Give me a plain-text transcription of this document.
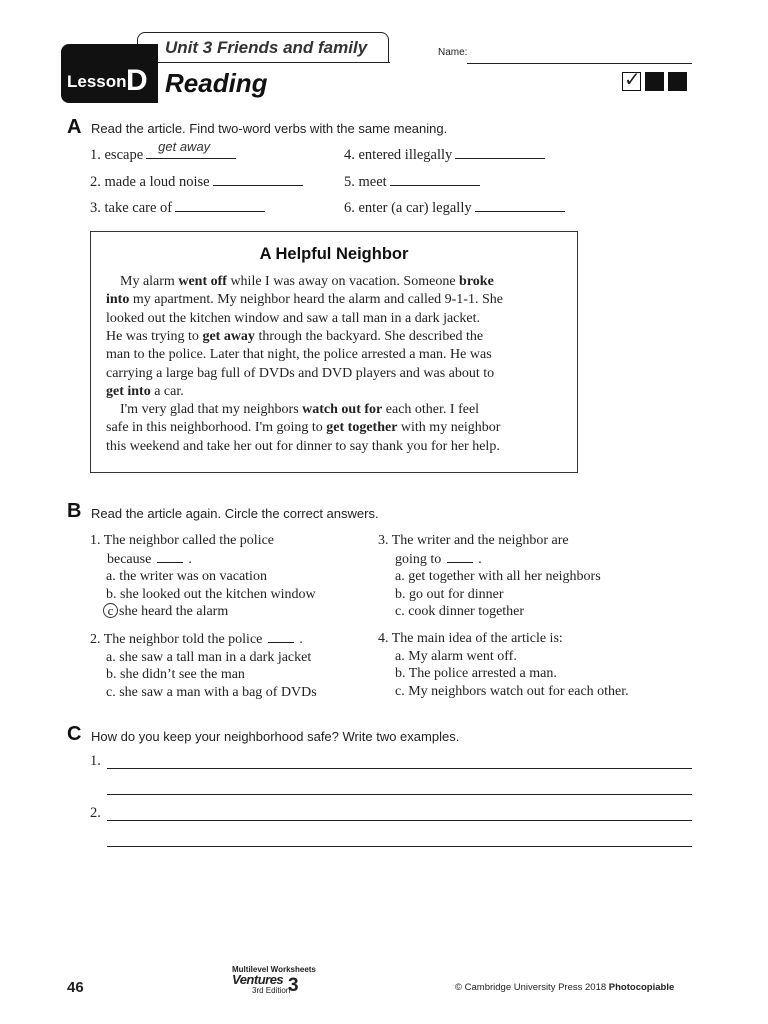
Unit 3 Friends and family
Lesson D Reading
Name:
✓
A Read the article. Find two-word verbs with the same meaning.
1. escape
get away
2. made a loud noise
3. take care of
4. entered illegally
5. meet
6. enter (a car) legally
A Helpful Neighbor
My alarm went off while I was away on vacation. Someone broke
into my apartment. My neighbor heard the alarm and called 9-1-1. She
looked out the kitchen window and saw a tall man in a dark jacket.
He was trying to get away through the backyard. She described the
man to the police. Later that night, the police arrested a man. He was
carrying a large bag full of DVDs and DVD players and was about to
get into a car.
I'm very glad that my neighbors watch out for each other. I feel
safe in this neighborhood. I'm going to get together with my neighbor
this weekend and take her out for dinner to say thank you for her help.
B Read the article again. Circle the correct answers.
1. The neighbor called the police
because	.
a. the writer was on vacation
b. she looked out the kitchen window
c she heard the alarm
2. The neighbor told the police	.
a. she saw a tall man in a dark jacket
b. she didn’t see the man
c. she saw a man with a bag of DVDs
3. The writer and the neighbor are
going to	.
a. get together with all her neighbors
b. go out for dinner
c. cook dinner together
4. The main idea of the article is:
a. My alarm went off.
b. The police arrested a man.
c. My neighbors watch out for each other.
C How do you keep your neighborhood safe? Write two examples.
1.
2.
46
Multilevel Worksheets
Ventures
3rd Edition
3	© Cambridge University Press 2018 Photocopiable
